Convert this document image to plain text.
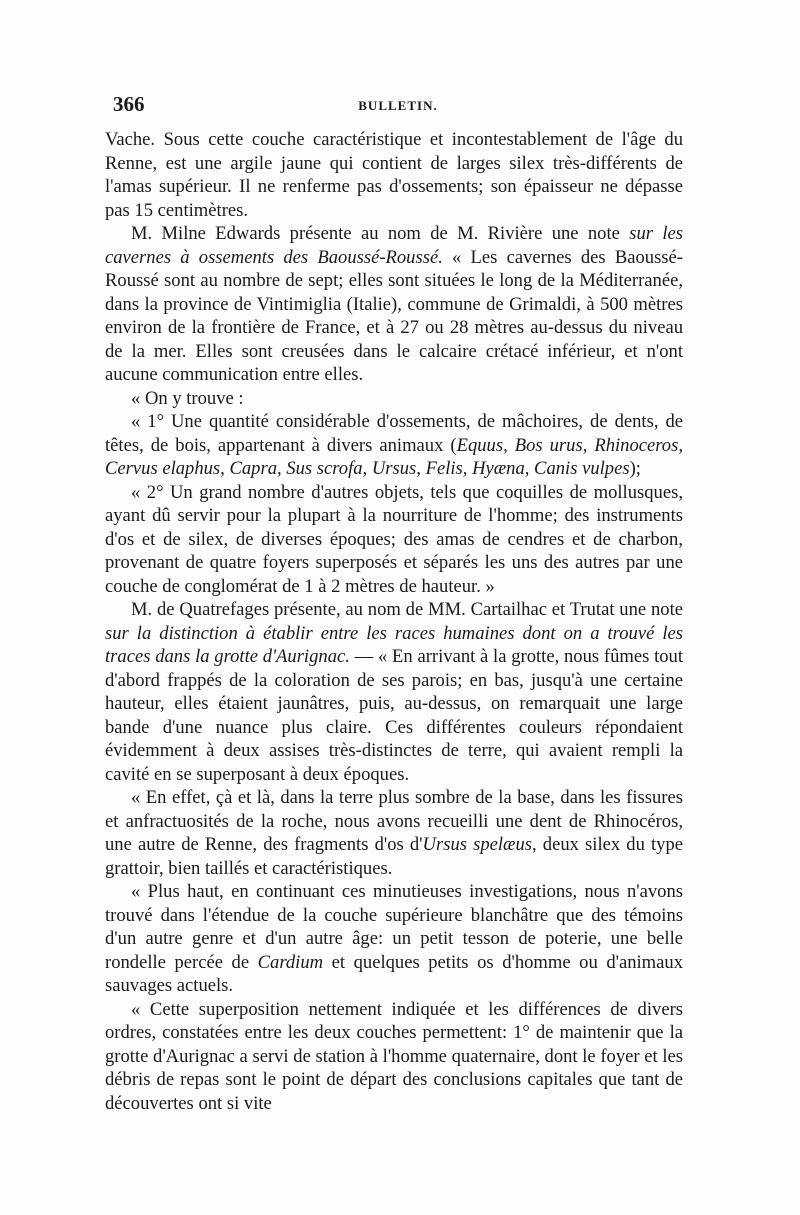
366	BULLETIN.

Vache. Sous cette couche caractéristique et incontestablement de l'âge du Renne, est une argile jaune qui contient de larges silex très-différents de l'amas supérieur. Il ne renferme pas d'ossements; son épaisseur ne dépasse pas 15 centimètres.

M. Milne Edwards présente au nom de M. Rivière une note sur les cavernes à ossements des Baoussé-Roussé. « Les cavernes des Baoussé-Roussé sont au nombre de sept; elles sont situées le long de la Méditerranée, dans la province de Vintimiglia (Italie), commune de Grimaldi, à 500 mètres environ de la frontière de France, et à 27 ou 28 mètres au-dessus du niveau de la mer. Elles sont creusées dans le calcaire crétacé inférieur, et n'ont aucune communication entre elles.

« On y trouve :

« 1° Une quantité considérable d'ossements, de mâchoires, de dents, de têtes, de bois, appartenant à divers animaux (Equus, Bos urus, Rhinoceros, Cervus elaphus, Capra, Sus scrofa, Ursus, Felis, Hyæna, Canis vulpes);

« 2° Un grand nombre d'autres objets, tels que coquilles de mollusques, ayant dû servir pour la plupart à la nourriture de l'homme; des instruments d'os et de silex, de diverses époques; des amas de cendres et de charbon, provenant de quatre foyers superposés et séparés les uns des autres par une couche de conglomérat de 1 à 2 mètres de hauteur. »

M. de Quatrefages présente, au nom de MM. Cartailhac et Trutat une note sur la distinction à établir entre les races humaines dont on a trouvé les traces dans la grotte d'Aurignac. — « En arrivant à la grotte, nous fûmes tout d'abord frappés de la coloration de ses parois; en bas, jusqu'à une certaine hauteur, elles étaient jaunâtres, puis, au-dessus, on remarquait une large bande d'une nuance plus claire. Ces différentes couleurs répondaient évidemment à deux assises très-distinctes de terre, qui avaient rempli la cavité en se superposant à deux époques.

« En effet, çà et là, dans la terre plus sombre de la base, dans les fissures et anfractuosités de la roche, nous avons recueilli une dent de Rhinocéros, une autre de Renne, des fragments d'os d'Ursus spelæus, deux silex du type grattoir, bien taillés et caractéristiques.

« Plus haut, en continuant ces minutieuses investigations, nous n'avons trouvé dans l'étendue de la couche supérieure blanchâtre que des témoins d'un autre genre et d'un autre âge: un petit tesson de poterie, une belle rondelle percée de Cardium et quelques petits os d'homme ou d'animaux sauvages actuels.

« Cette superposition nettement indiquée et les différences de divers ordres, constatées entre les deux couches permettent: 1° de maintenir que la grotte d'Aurignac a servi de station à l'homme quaternaire, dont le foyer et les débris de repas sont le point de départ des conclusions capitales que tant de découvertes ont si vite
